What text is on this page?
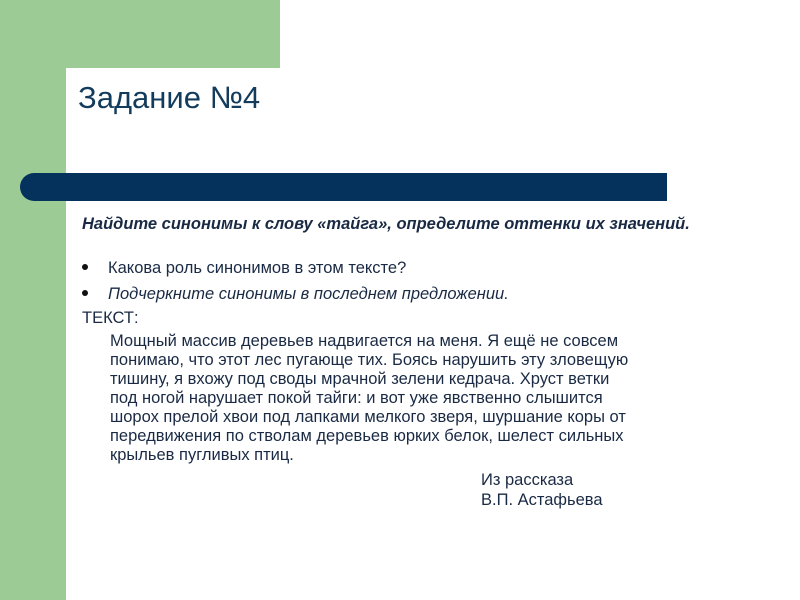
Задание №4
Найдите синонимы к слову «тайга», определите оттенки их значений.
Какова роль синонимов в этом тексте?
Подчеркните синонимы в последнем предложении.
ТЕКСТ:
Мощный массив деревьев надвигается на меня. Я ещё не совсем
понимаю, что этот лес пугающе тих. Боясь нарушить эту зловещую
тишину, я вхожу под своды мрачной зелени кедрача. Хруст ветки
под ногой нарушает покой тайги: и вот уже явственно слышится
шорох прелой хвои под лапками мелкого зверя, шуршание коры от
передвижения по стволам деревьев юрких белок, шелест сильных
крыльев пугливых птиц.
Из рассказа
В.П. Астафьева
